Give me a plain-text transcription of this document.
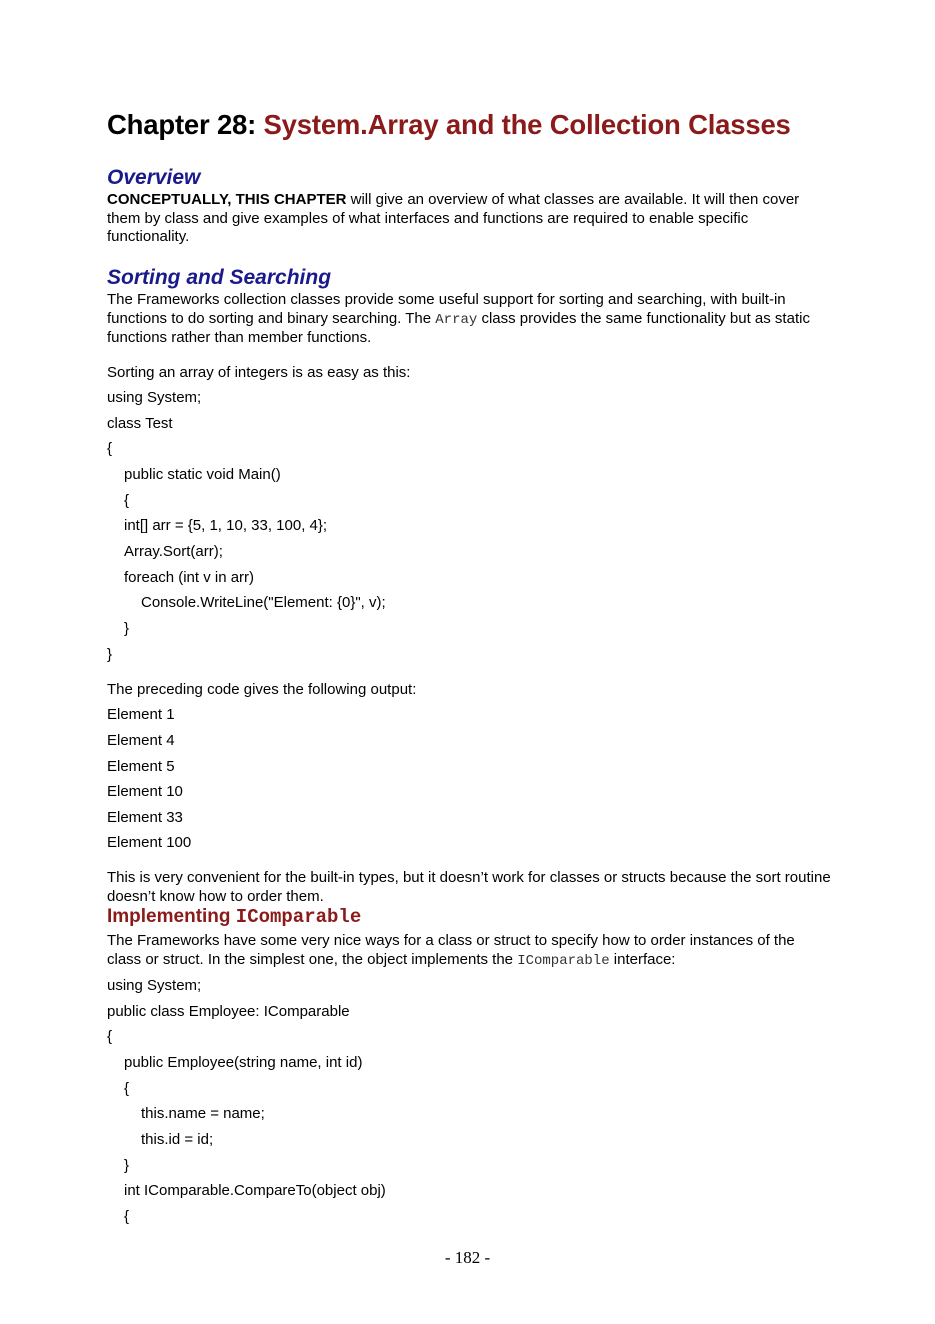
Chapter 28: System.Array and the Collection Classes
Overview

CONCEPTUALLY, THIS CHAPTER will give an overview of what classes are available. It will then cover them by class and give examples of what interfaces and functions are required to enable specific functionality.

Sorting and Searching

The Frameworks collection classes provide some useful support for sorting and searching, with built-in functions to do sorting and binary searching. The Array class provides the same functionality but as static functions rather than member functions.

Sorting an array of integers is as easy as this:

using System;

class Test

{

public static void Main()

{

int[] arr = {5, 1, 10, 33, 100, 4};

Array.Sort(arr);

foreach (int v in arr)

Console.WriteLine("Element: {0}", v);

}

}

The preceding code gives the following output:

Element 1

Element 4

Element 5

Element 10

Element 33

Element 100

This is very convenient for the built-in types, but it doesn’t work for classes or structs because the sort routine doesn’t know how to order them.

Implementing IComparable

The Frameworks have some very nice ways for a class or struct to specify how to order instances of the class or struct. In the simplest one, the object implements the IComparable interface:

using System;

public class Employee: IComparable

{

public Employee(string name, int id)

{

this.name = name;

this.id = id;

}

int IComparable.CompareTo(object obj)

{

- 182 -
